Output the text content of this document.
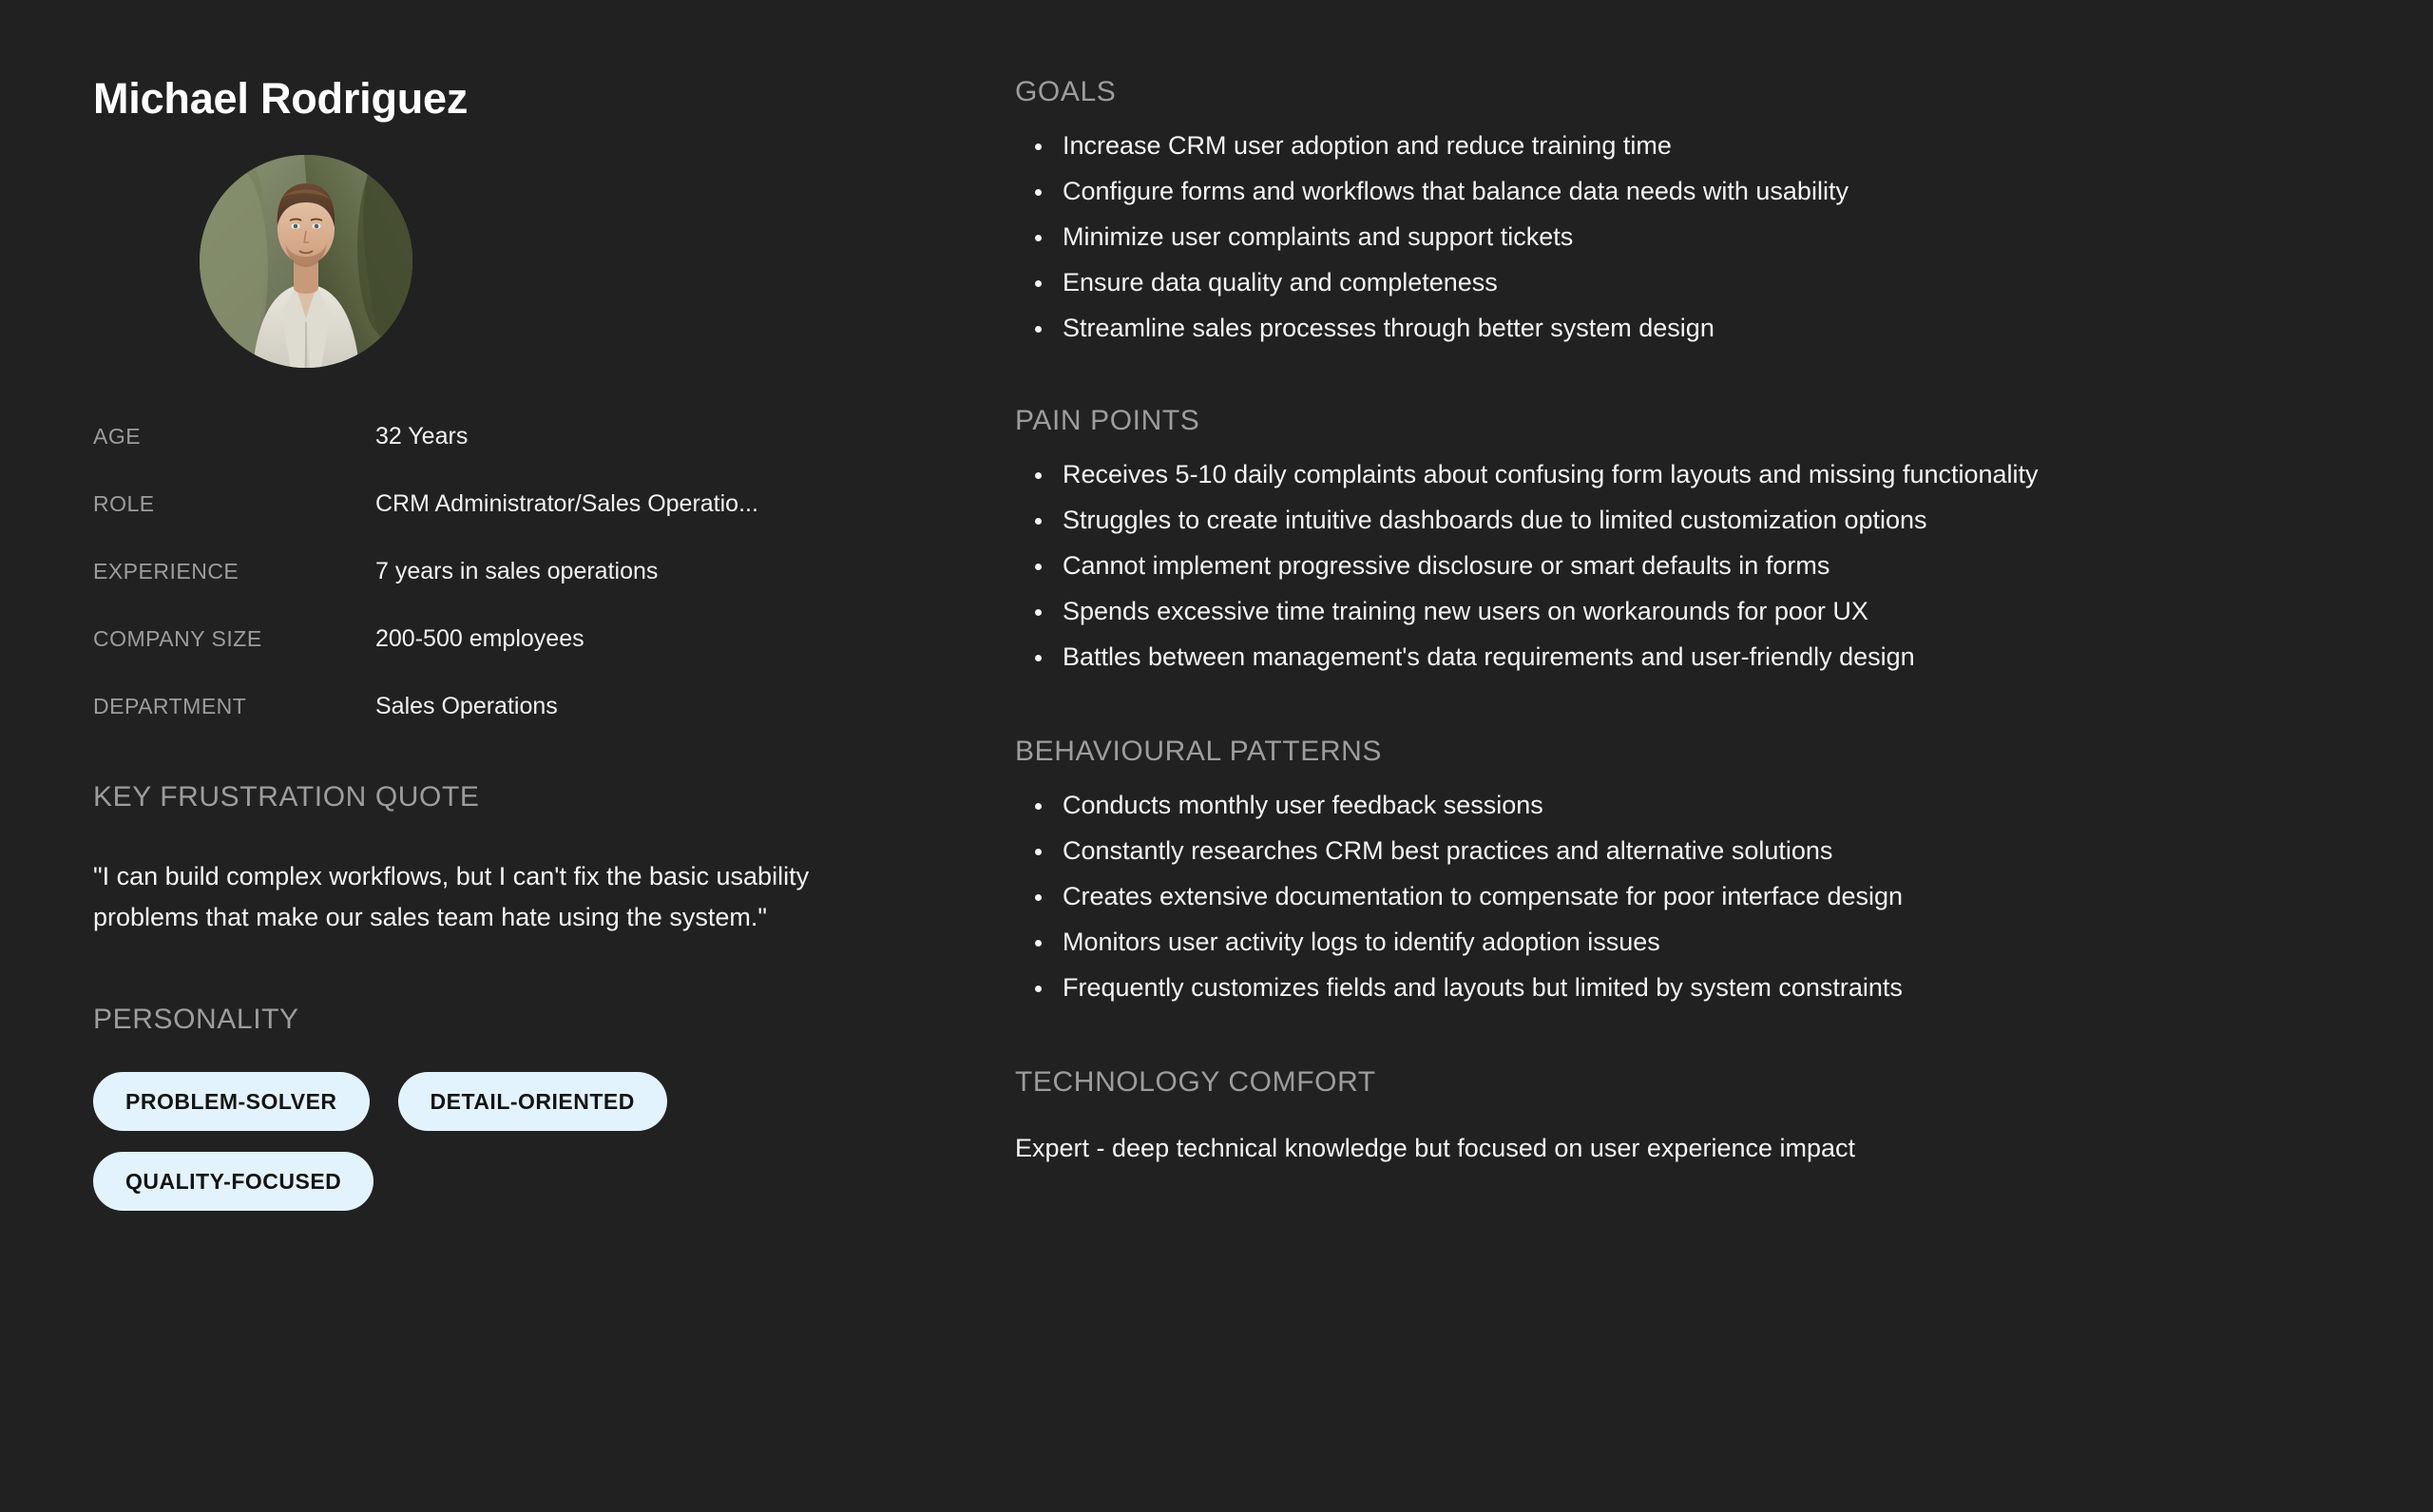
Michael Rodriguez
AGE	32 Years
ROLE	CRM Administrator/Sales Operatio...
EXPERIENCE	7 years in sales operations
COMPANY SIZE	200-500 employees
DEPARTMENT	Sales Operations
KEY FRUSTRATION QUOTE

"I can build complex workflows, but I can't fix the basic usability problems that make our sales team hate using the system."

PERSONALITY
PROBLEM-SOLVER	DETAIL-ORIENTED
QUALITY-FOCUSED
GOALS
• Increase CRM user adoption and reduce training time
• Configure forms and workflows that balance data needs with usability
• Minimize user complaints and support tickets
• Ensure data quality and completeness
• Streamline sales processes through better system design
PAIN POINTS
• Receives 5-10 daily complaints about confusing form layouts and missing functionality
• Struggles to create intuitive dashboards due to limited customization options
• Cannot implement progressive disclosure or smart defaults in forms
• Spends excessive time training new users on workarounds for poor UX
• Battles between management's data requirements and user-friendly design
BEHAVIOURAL PATTERNS
• Conducts monthly user feedback sessions
• Constantly researches CRM best practices and alternative solutions
• Creates extensive documentation to compensate for poor interface design
• Monitors user activity logs to identify adoption issues
• Frequently customizes fields and layouts but limited by system constraints
TECHNOLOGY COMFORT

Expert - deep technical knowledge but focused on user experience impact
